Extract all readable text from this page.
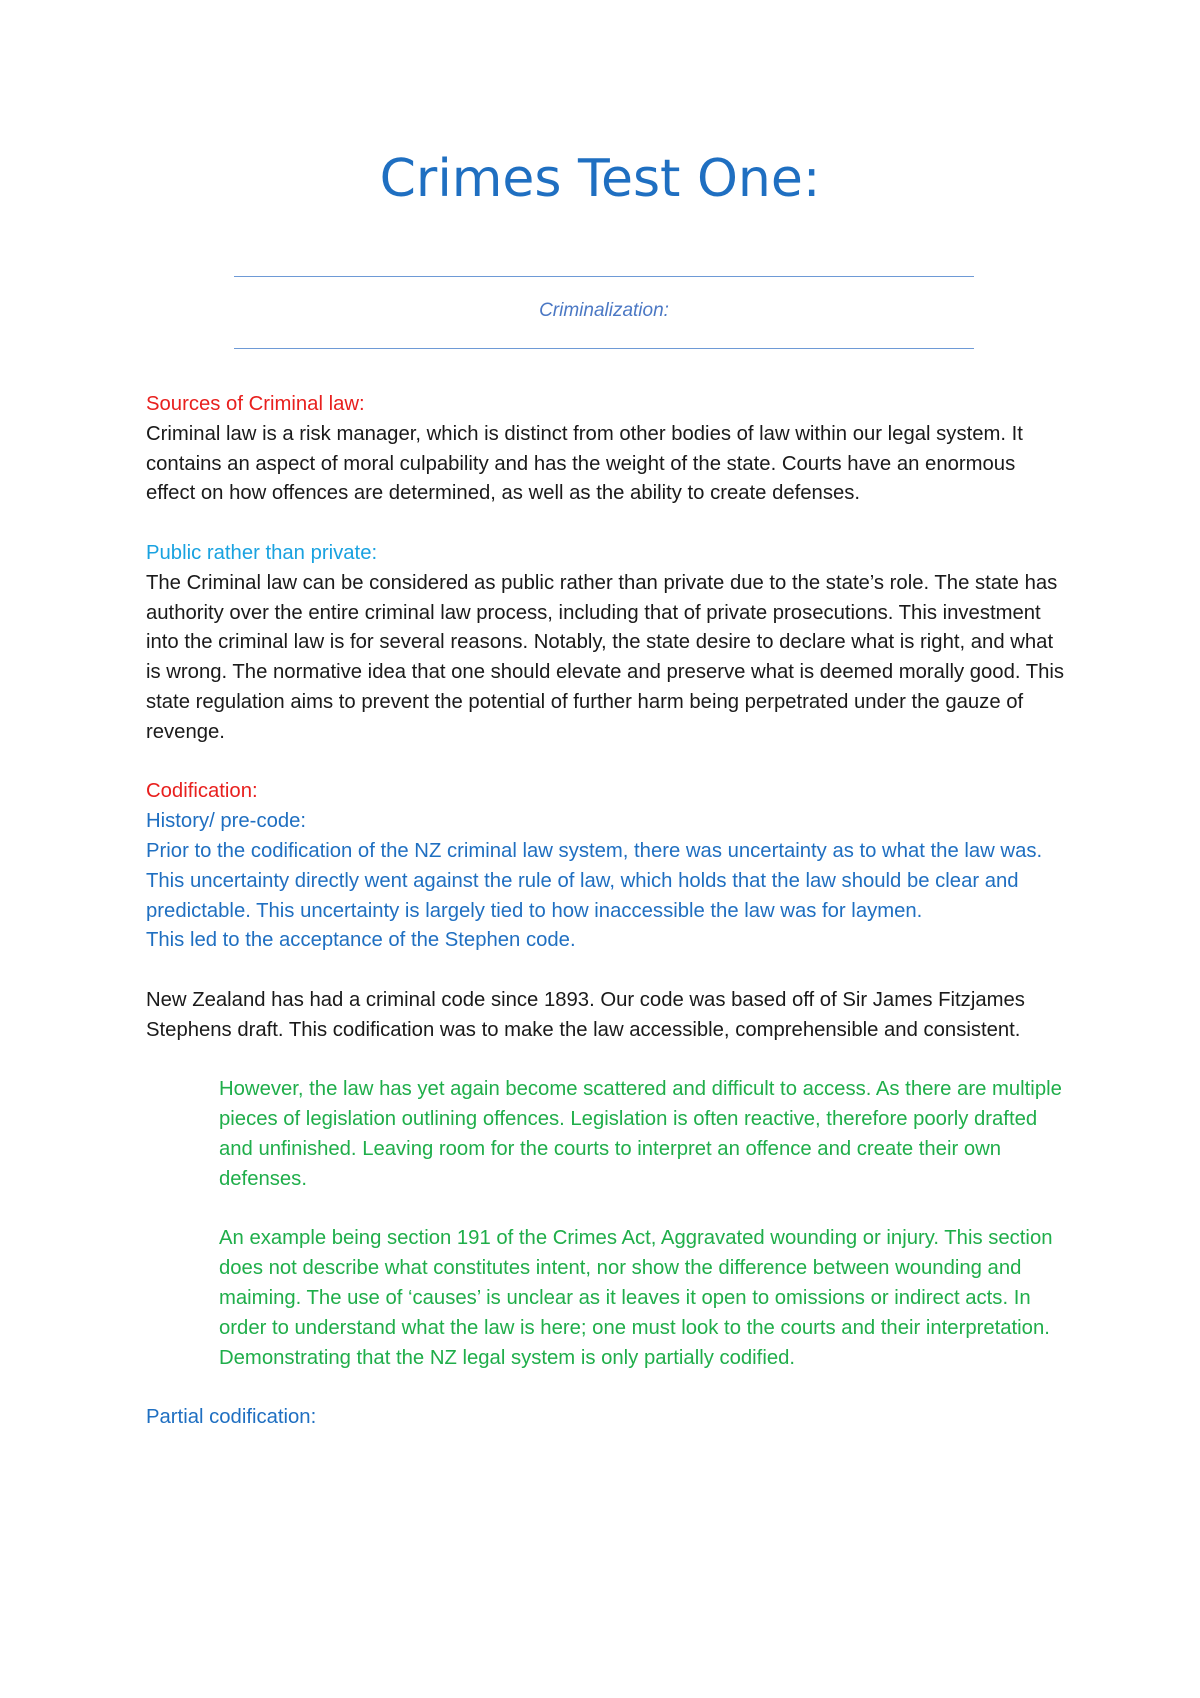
Crimes Test One:
Criminalization:

Sources of Criminal law:

Criminal law is a risk manager, which is distinct from other bodies of law within our legal system. It contains an aspect of moral culpability and has the weight of the state. Courts have an enormous effect on how offences are determined, as well as the ability to create defenses.

Public rather than private:

The Criminal law can be considered as public rather than private due to the state’s role. The state has authority over the entire criminal law process, including that of private prosecutions. This investment into the criminal law is for several reasons. Notably, the state desire to declare what is right, and what is wrong. The normative idea that one should elevate and preserve what is deemed morally good. This state regulation aims to prevent the potential of further harm being perpetrated under the gauze of revenge.

Codification:

History/ pre-code:

Prior to the codification of the NZ criminal law system, there was uncertainty as to what the law was. This uncertainty directly went against the rule of law, which holds that the law should be clear and predictable. This uncertainty is largely tied to how inaccessible the law was for laymen.

This led to the acceptance of the Stephen code.

New Zealand has had a criminal code since 1893. Our code was based off of Sir James Fitzjames Stephens draft. This codification was to make the law accessible, comprehensible and consistent.

However, the law has yet again become scattered and difficult to access. As there are multiple pieces of legislation outlining offences. Legislation is often reactive, therefore poorly drafted and unfinished. Leaving room for the courts to interpret an offence and create their own defenses.

An example being section 191 of the Crimes Act, Aggravated wounding or injury. This section does not describe what constitutes intent, nor show the difference between wounding and maiming. The use of ‘causes’ is unclear as it leaves it open to omissions or indirect acts. In order to understand what the law is here; one must look to the courts and their interpretation. Demonstrating that the NZ legal system is only partially codified.

Partial codification:
